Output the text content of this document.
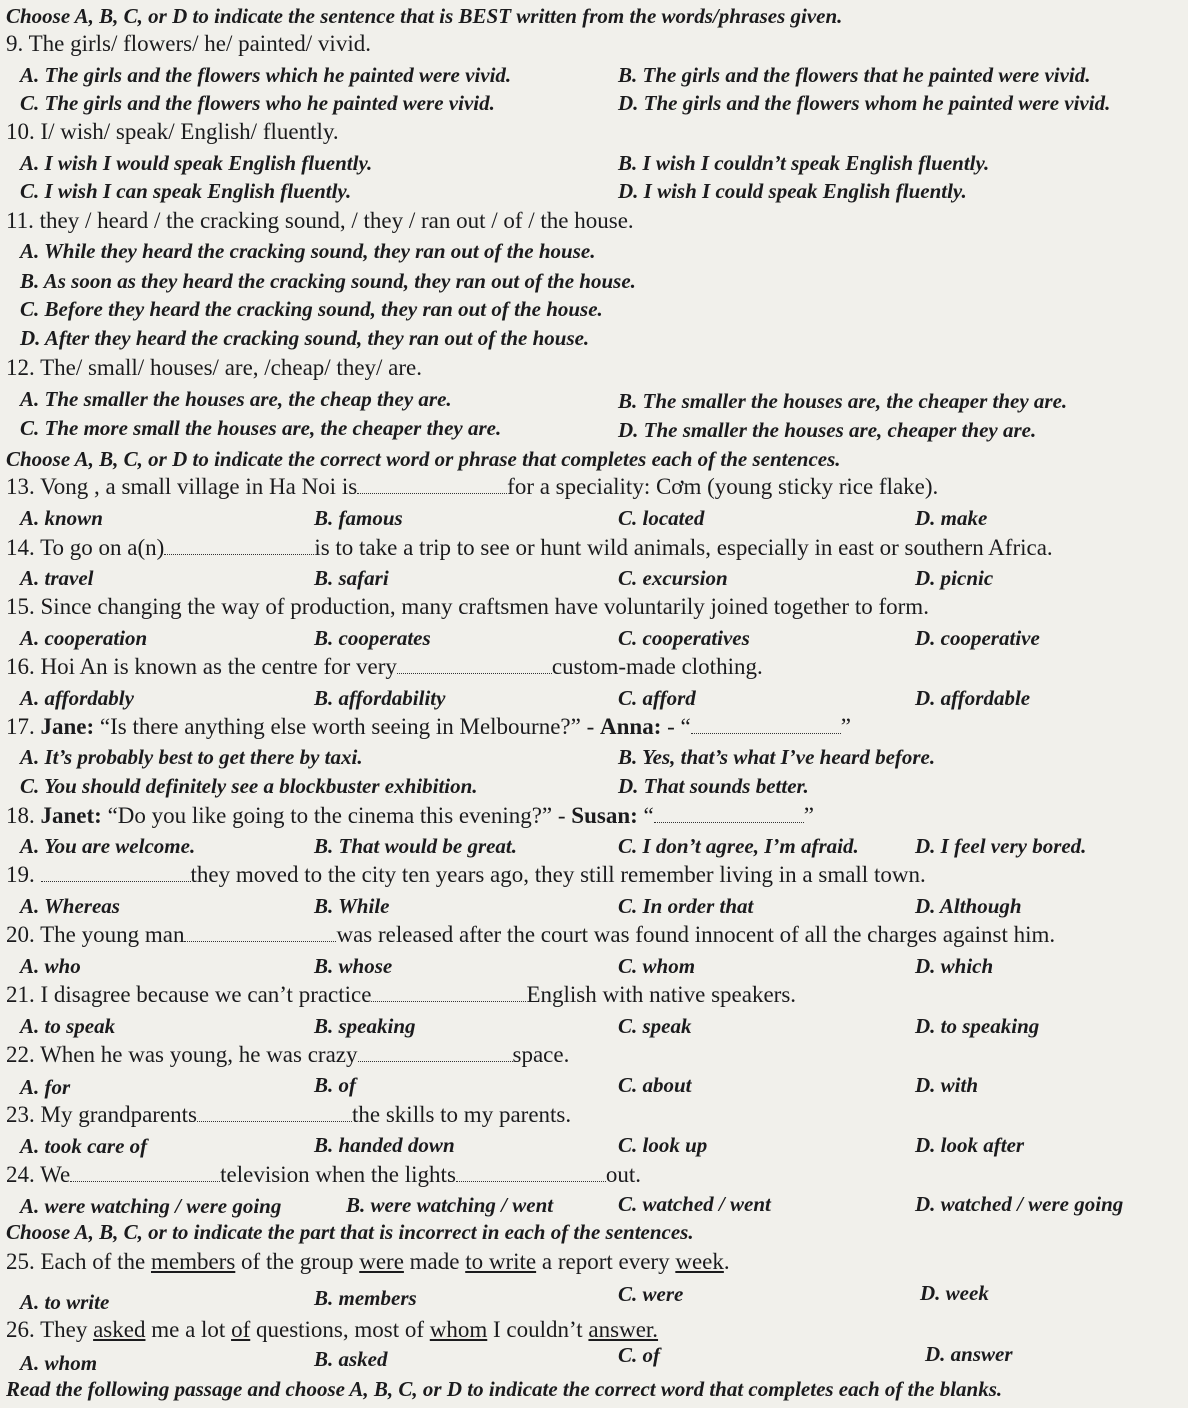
Choose A, B, C, or D to indicate the sentence that is BEST written from the words/phrases given.
9. The girls/ flowers/ he/ painted/ vivid.
A. The girls and the flowers which he painted were vivid.	B. The girls and the flowers that he painted were vivid.
C. The girls and the flowers who he painted were vivid.	D. The girls and the flowers whom he painted were vivid.
10. I/ wish/ speak/ English/ fluently.
A. I wish I would speak English fluently.	B. I wish I couldn’t speak English fluently.
C. I wish I can speak English fluently.	D. I wish I could speak English fluently.
11. they / heard / the cracking sound, / they / ran out / of / the house.
A. While they heard the cracking sound, they ran out of the house.
B. As soon as they heard the cracking sound, they ran out of the house.
C. Before they heard the cracking sound, they ran out of the house.
D. After they heard the cracking sound, they ran out of the house.
12. The/ small/ houses/ are, /cheap/ they/ are.
A. The smaller the houses are, the cheap they are.	B. The smaller the houses are, the cheaper they are.
C. The more small the houses are, the cheaper they are.	D. The smaller the houses are, cheaper they are.
Choose A, B, C, or D to indicate the correct word or phrase that completes each of the sentences.
13. Vong , a small village in Ha Noi is	for a speciality: Cơm (young sticky rice flake).
A. known	B. famous	C. located	D. make
14. To go on a(n)	is to take a trip to see or hunt wild animals, especially in east or southern Africa.
A. travel	B. safari	C. excursion	D. picnic
15. Since changing the way of production, many craftsmen have voluntarily joined together to form.
A. cooperation	B. cooperates	C. cooperatives	D. cooperative
16. Hoi An is known as the centre for very	custom-made clothing.
A. affordably	B. affordability	C. afford	D. affordable
17. Jane: “Is there anything else worth seeing in Melbourne?” - Anna: - “	”
A. It’s probably best to get there by taxi.	B. Yes, that’s what I’ve heard before.
C. You should definitely see a blockbuster exhibition.	D. That sounds better.
18. Janet: “Do you like going to the cinema this evening?” - Susan: “	”
A. You are welcome.	B. That would be great.	C. I don’t agree, I’m afraid.	D. I feel very bored.
19.	they moved to the city ten years ago, they still remember living in a small town.
A. Whereas	B. While	C. In order that	D. Although
20. The young man	was released after the court was found innocent of all the charges against him.
A. who	B. whose	C. whom	D. which
21. I disagree because we can’t practice	English with native speakers.
A. to speak	B. speaking	C. speak	D. to speaking
22. When he was young, he was crazy	space.
A. for	B. of	C. about	D. with
23. My grandparents	the skills to my parents.
A. took care of	B. handed down	C. look up	D. look after
24. We	television when the lights	out.
A. were watching / were going	B. were watching / went	C. watched / went	D. watched / were going
Choose A, B, C, or to indicate the part that is incorrect in each of the sentences.
25. Each of the members of the group were made to write a report every week.
A. to write	B. members	C. were	D. week
26. They asked me a lot of questions, most of whom I couldn’t answer.
A. whom	B. asked	C. of	D. answer
Read the following passage and choose A, B, C, or D to indicate the correct word that completes each of the blanks.
